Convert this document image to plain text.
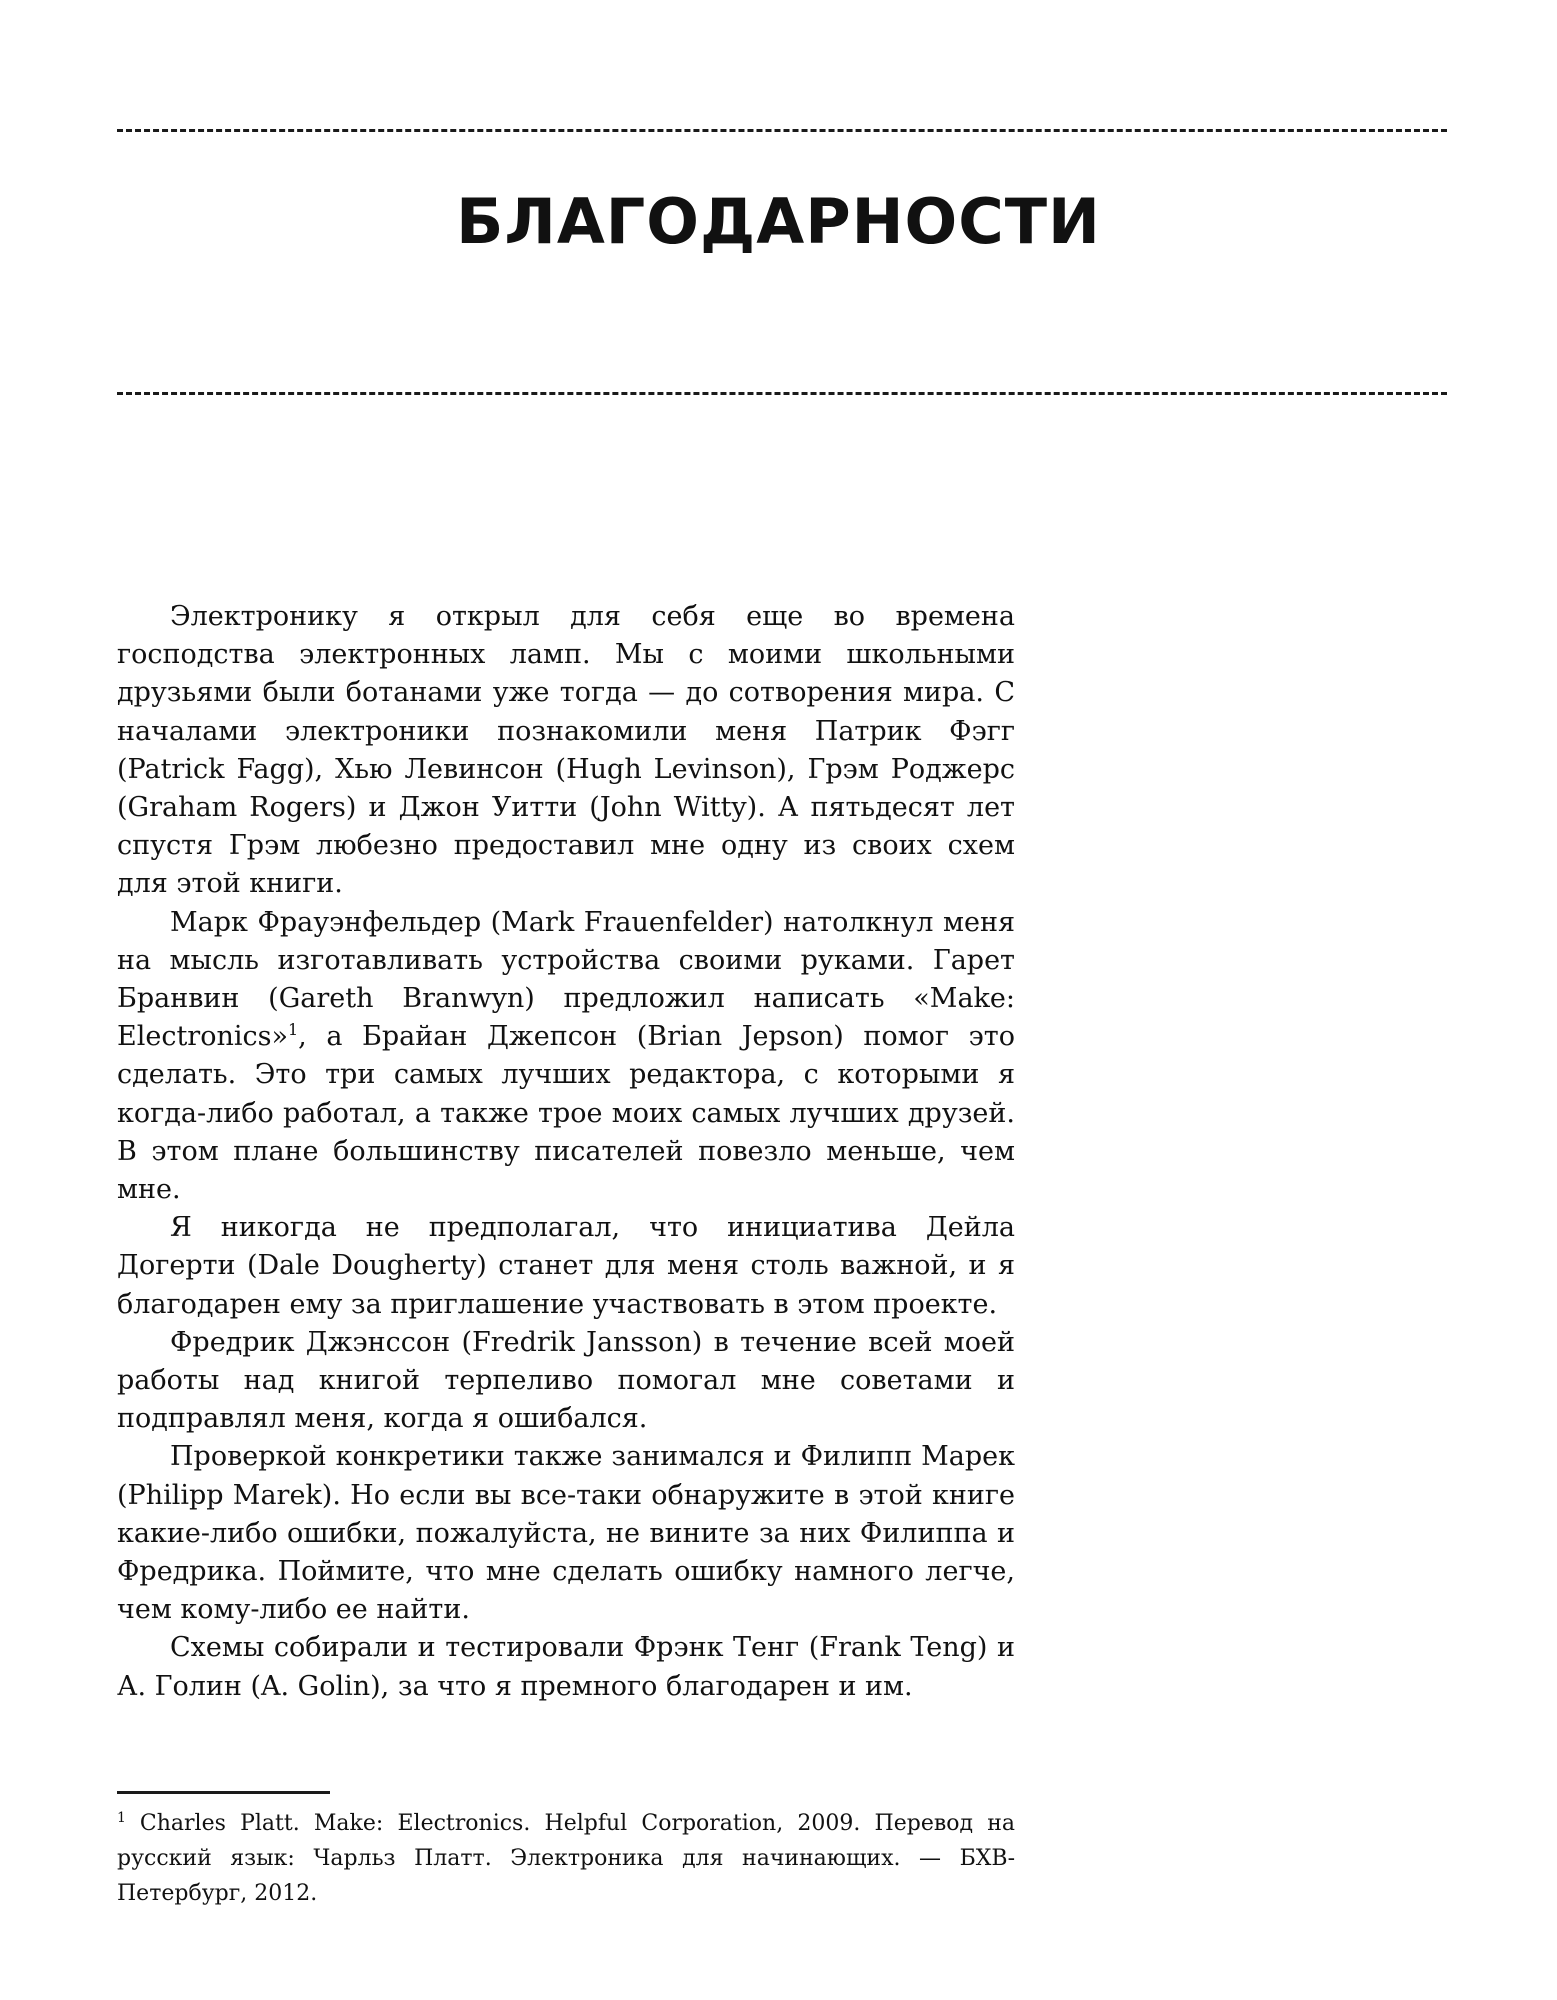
БЛАГОДАРНОСТИ

Электронику я открыл для себя еще во времена господства электронных ламп. Мы с моими школьными друзьями были ботанами уже тогда — до сотворения мира. С началами электроники познакомили меня Патрик Фэгг (Patrick Fagg), Хью Левинсон (Hugh Levinson), Грэм Роджерс (Graham Rogers) и Джон Уитти (John Witty). А пятьдесят лет спустя Грэм любезно предоставил мне одну из своих схем для этой книги.

Марк Фрауэнфельдер (Mark Frauenfelder) натолкнул меня на мысль изготавливать устройства своими руками. Гарет Бранвин (Gareth Branwyn) предложил написать «Make: Electronics»$^1$, а Брайан Джепсон (Brian Jepson) помог это сделать. Это три самых лучших редактора, с которыми я когда-либо работал, а также трое моих самых лучших друзей. В этом плане большинству писателей повезло меньше, чем мне.

Я никогда не предполагал, что инициатива Дейла Догерти (Dale Dougherty) станет для меня столь важной, и я благодарен ему за приглашение участвовать в этом проекте.

Фредрик Джэнссон (Fredrik Jansson) в течение всей моей работы над книгой терпеливо помогал мне советами и подправлял меня, когда я ошибался.

Проверкой конкретики также занимался и Филипп Марек (Philipp Marek). Но если вы все-таки обнаружите в этой книге какие-либо ошибки, пожалуйста, не вините за них Филиппа и Фредрика. Поймите, что мне сделать ошибку намного легче, чем кому-либо ее найти.

Схемы собирали и тестировали Фрэнк Тенг (Frank Teng) и А. Голин (A. Golin), за что я премного благодарен и им.

$^1$ Charles Platt. Make: Electronics. Helpful Corporation, 2009. Перевод на русский язык: Чарльз Платт. Электроника для начинающих. — БХВ-Петербург, 2012.
